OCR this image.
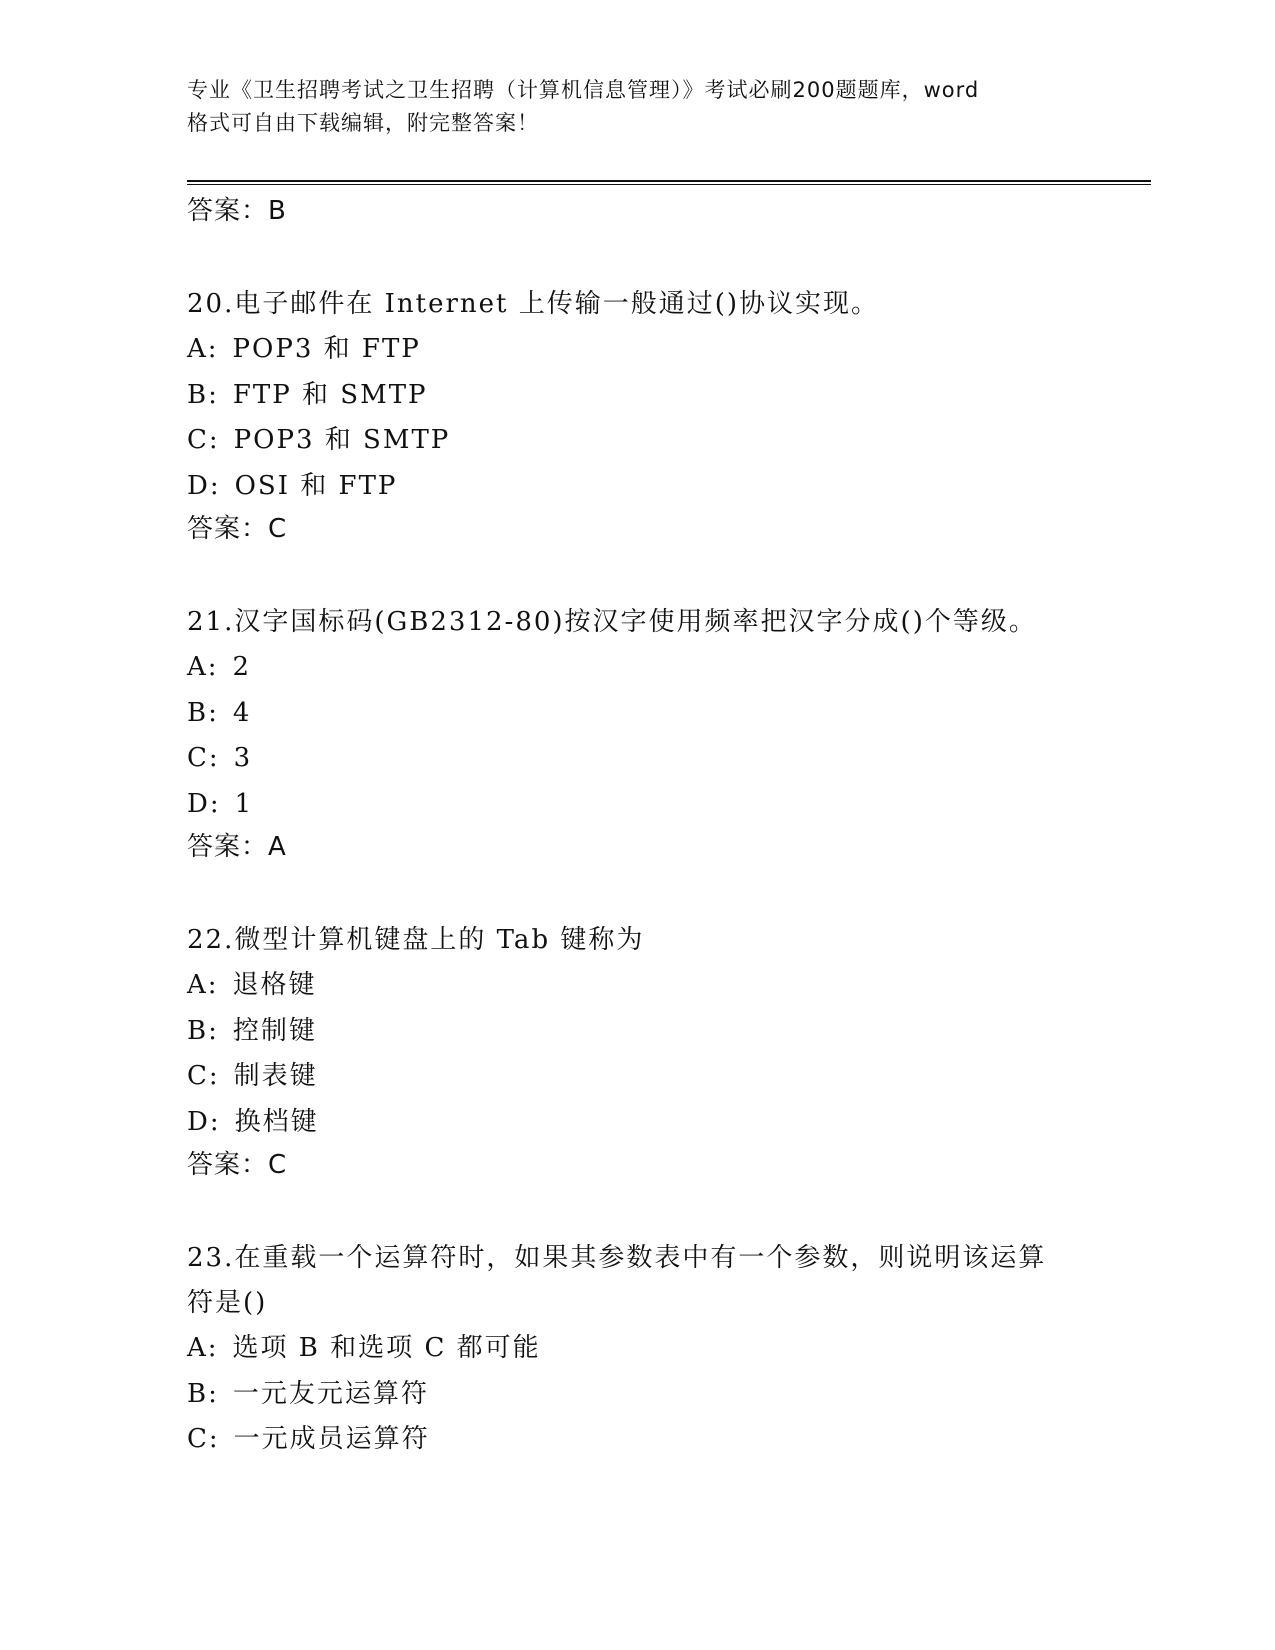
专业《卫生招聘考试之卫生招聘（计算机信息管理）》考试必刷200题题库，word
格式可自由下载编辑，附完整答案！
答案：B
20.电子邮件在 Internet 上传输一般通过()协议实现。
A: POP3 和 FTP
B: FTP 和 SMTP
C: POP3 和 SMTP
D: OSI 和 FTP
答案：C
21.汉字国标码(GB2312-80)按汉字使用频率把汉字分成()个等级。
A: 2
B: 4
C: 3
D: 1
答案：A
22.微型计算机键盘上的 Tab 键称为
A: 退格键
B: 控制键
C: 制表键
D: 换档键
答案：C
23.在重载一个运算符时，如果其参数表中有一个参数，则说明该运算
符是()
A: 选项 B 和选项 C 都可能
B: 一元友元运算符
C: 一元成员运算符
